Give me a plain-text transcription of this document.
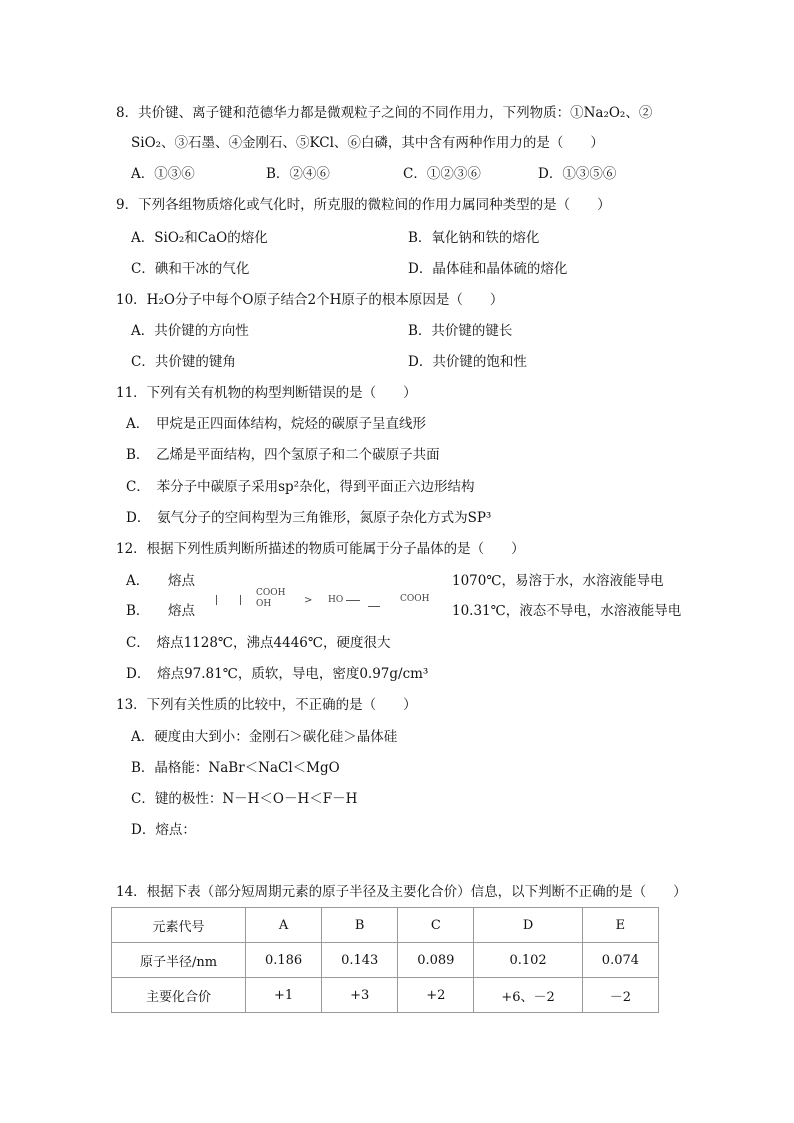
8．共价键、离子键和范德华力都是微观粒子之间的不同作用力，下列物质：①Na₂O₂、②
SiO₂、③石墨、④金刚石、⑤KCl、⑥白磷，其中含有两种作用力的是（　　）
A．①③⑥	B．②④⑥	C．①②③⑥	D．①③⑤⑥
9．下列各组物质熔化或气化时，所克服的微粒间的作用力属同种类型的是（　　）
A．SiO₂和CaO的熔化	B．氧化钠和铁的熔化
C．碘和干冰的气化	D．晶体硅和晶体硫的熔化
10．H₂O分子中每个O原子结合2个H原子的根本原因是（　　）
A．共价键的方向性	B．共价键的键长
C．共价键的键角	D．共价键的饱和性
11．下列有关有机物的构型判断错误的是（　　）
A．　甲烷是正四面体结构，烷烃的碳原子呈直线形
B．　乙烯是平面结构，四个氢原子和二个碳原子共面
C．　苯分子中碳原子采用sp²杂化，得到平面正六边形结构
D．　氨气分子的空间构型为三角锥形，氮原子杂化方式为SP³
12．根据下列性质判断所描述的物质可能属于分子晶体的是（　　）
A． 熔点	1070℃，易溶于水，水溶液能导电
B． 熔点	10.31℃，液态不导电，水溶液能导电
COOH
OH	> HO	COOH
C．　熔点1128℃，沸点4446℃，硬度很大
D．　熔点97.81℃，质软，导电，密度0.97g/cm³
13．下列有关性质的比较中，不正确的是（　　）
A．硬度由大到小：金刚石＞碳化硅＞晶体硅
B．晶格能：NaBr＜NaCl＜MgO
C．键的极性：N－H＜O－H＜F－H
D．熔点：
14．根据下表（部分短周期元素的原子半径及主要化合价）信息，以下判断不正确的是（　　）
元素代号	A	B	C	D	E
原子半径/nm	0.186	0.143	0.089	0.102	0.074
主要化合价	+1	+3	+2	+6、－2	－2
